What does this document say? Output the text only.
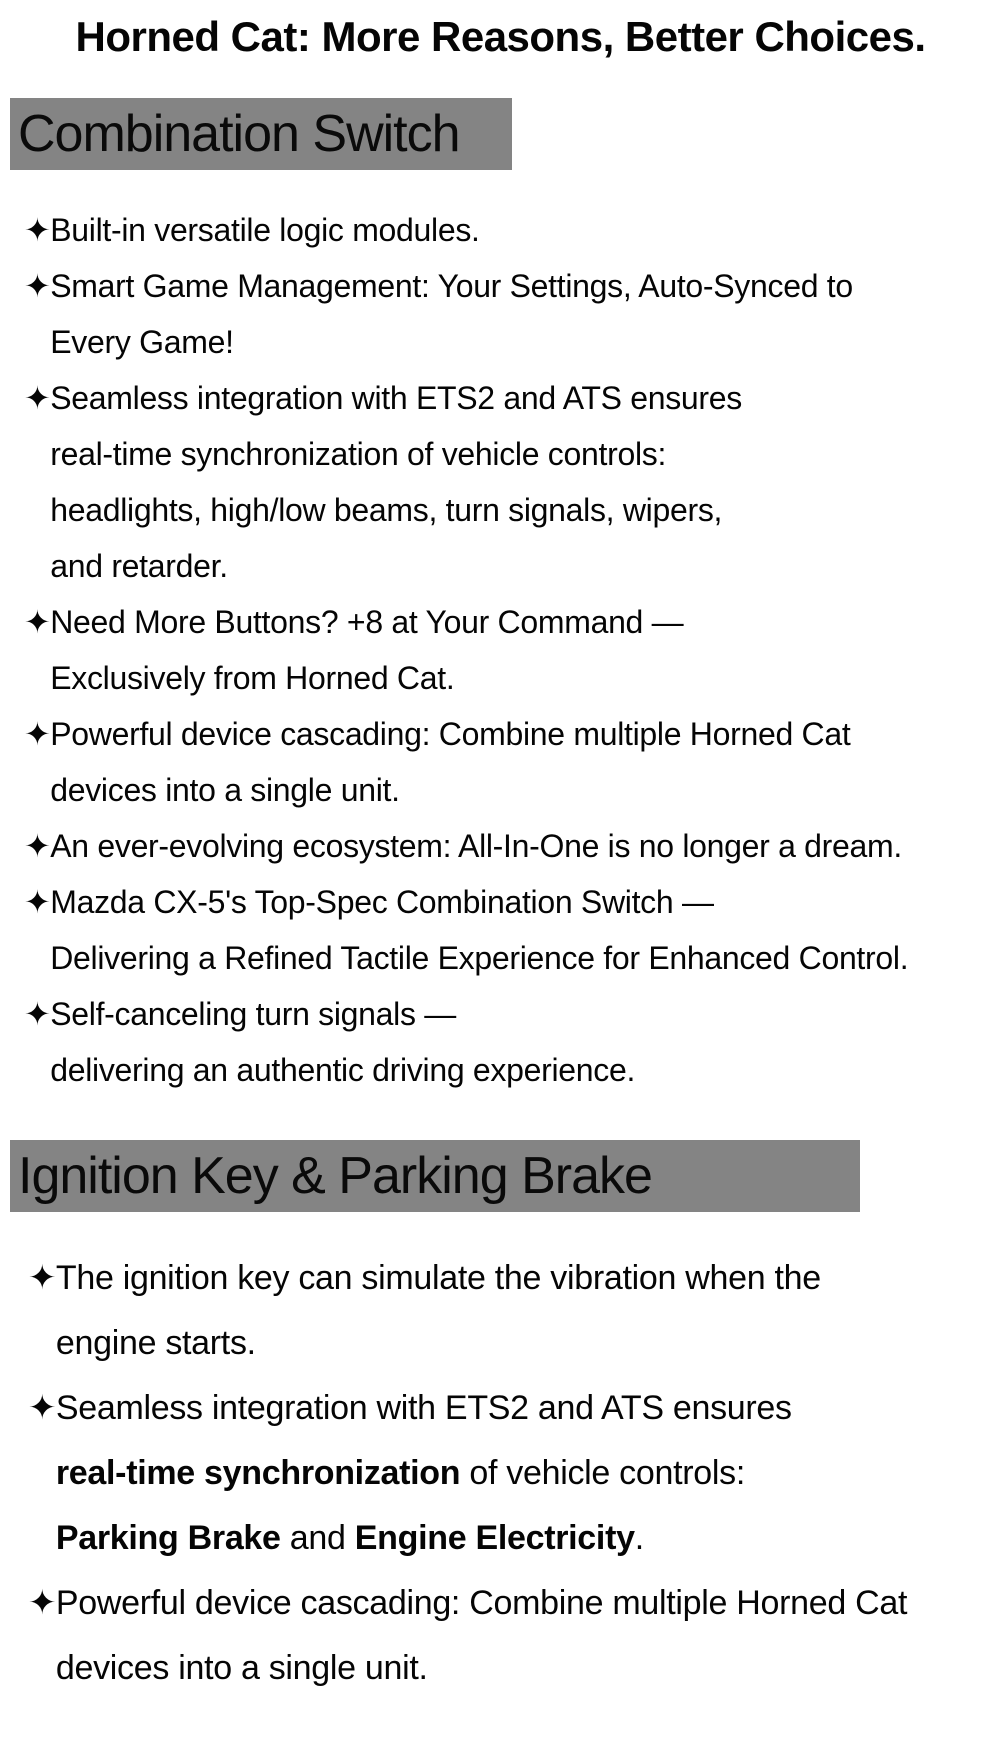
Horned Cat: More Reasons, Better Choices.
Combination Switch
✦Built-in versatile logic modules.
✦Smart Game Management: Your Settings, Auto-Synced to
Every Game!
✦Seamless integration with ETS2 and ATS ensures
real-time synchronization of vehicle controls:
headlights, high/low beams, turn signals, wipers,
and retarder.
✦Need More Buttons? +8 at Your Command —
Exclusively from Horned Cat.
✦Powerful device cascading: Combine multiple Horned Cat
devices into a single unit.
✦An ever-evolving ecosystem: All-In-One is no longer a dream.
✦Mazda CX-5's Top-Spec Combination Switch —
Delivering a Refined Tactile Experience for Enhanced Control.
✦Self-canceling turn signals —
delivering an authentic driving experience.
Ignition Key & Parking Brake
✦The ignition key can simulate the vibration when the
engine starts.
✦Seamless integration with ETS2 and ATS ensures
real-time synchronization of vehicle controls:
Parking Brake and Engine Electricity.
✦Powerful device cascading: Combine multiple Horned Cat
devices into a single unit.
